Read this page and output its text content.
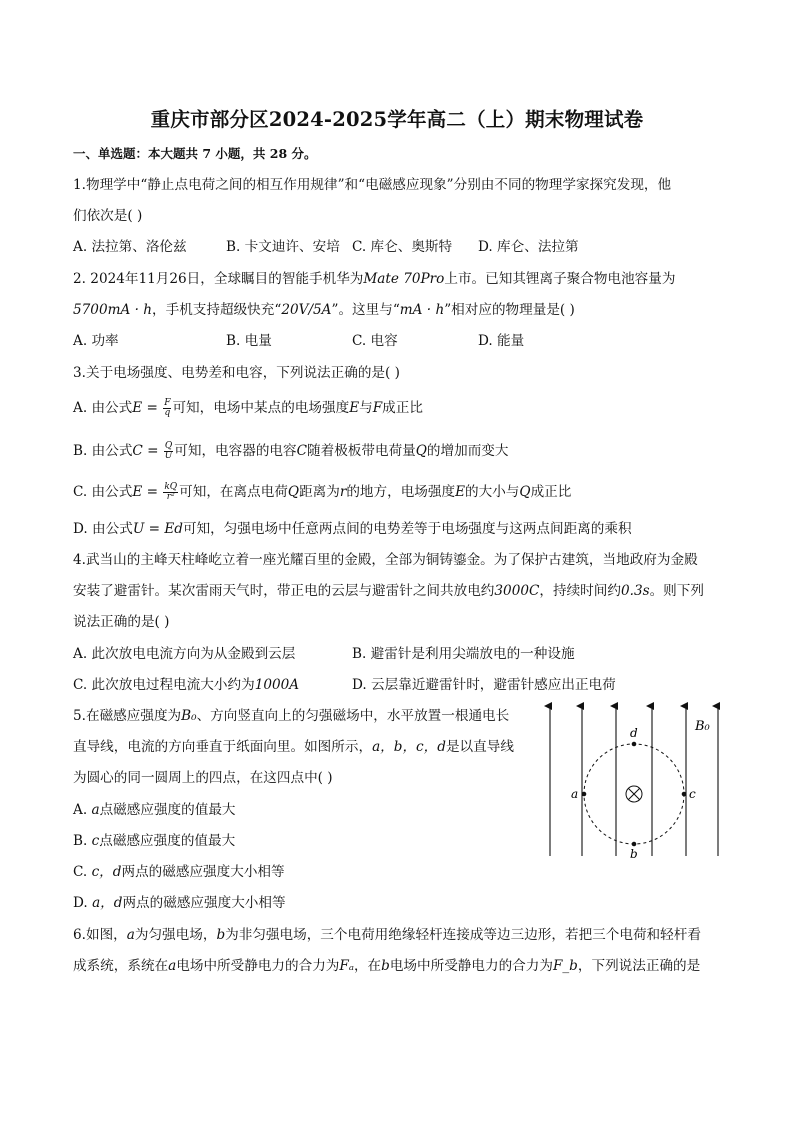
重庆市部分区2024-2025学年高二（上）期末物理试卷
一、单选题：本大题共 7 小题，共 28 分。
1.物理学中“静止点电荷之间的相互作用规律”和“电磁感应现象”分别由不同的物理学家探究发现，他
们依次是( )
A. 法拉第、洛伦兹	B. 卡文迪许、安培 C. 库仑、奥斯特 D. 库仑、法拉第
2. 2024年11月26日，全球瞩目的智能手机华为Mate 70Pro上市。已知其锂离子聚合物电池容量为
5700mA · h，手机支持超级快充“20V/5A”。这里与“mA · h”相对应的物理量是( )
A. 功率	B. 电量	C. 电容	D. 能量
3.关于电场强度、电势差和电容，下列说法正确的是( )
A. 由公式$E = \frac{F}{q}$ 可知，电场中某点的电场强度E与F成正比
B. 由公式$C = \frac{Q}{U}$ 可知，电容器的电容C随着极板带电荷量Q的增加而变大
C. 由公式$E = \frac{kQ}{\text{r²}}$ 可知，在离点电荷Q距离为r的地方，电场强度E的大小与Q成正比
D. 由公式U = Ed可知，匀强电场中任意两点间的电势差等于电场强度与这两点间距离的乘积
4.武当山的主峰天柱峰屹立着一座光耀百里的金殿，全部为铜铸鎏金。为了保护古建筑，当地政府为金殿
安装了避雷针。某次雷雨天气时，带正电的云层与避雷针之间共放电约3000C，持续时间约0.3s。则下列
说法正确的是( )
A. 此次放电电流方向为从金殿到云层	B. 避雷针是利用尖端放电的一种设施
C. 此次放电过程电流大小约为1000A	D. 云层靠近避雷针时，避雷针感应出正电荷
5.在磁感应强度为B₀、方向竖直向上的匀强磁场中，水平放置一根通电长
直导线，电流的方向垂直于纸面向里。如图所示，a，b，c，d是以直导线
为圆心的同一圆周上的四点，在这四点中( )
A. a点磁感应强度的值最大
B. c点磁感应强度的值最大
C. c，d两点的磁感应强度大小相等
D. a，d两点的磁感应强度大小相等
a
b
c
d	B₀
6.如图，a为匀强电场，b为非匀强电场，三个电荷用绝缘轻杆连接成等边三边形，若把三个电荷和轻杆看
成系统，系统在a电场中所受静电力的合力为Fₐ，在b电场中所受静电力的合力为F_b，下列说法正确的是
